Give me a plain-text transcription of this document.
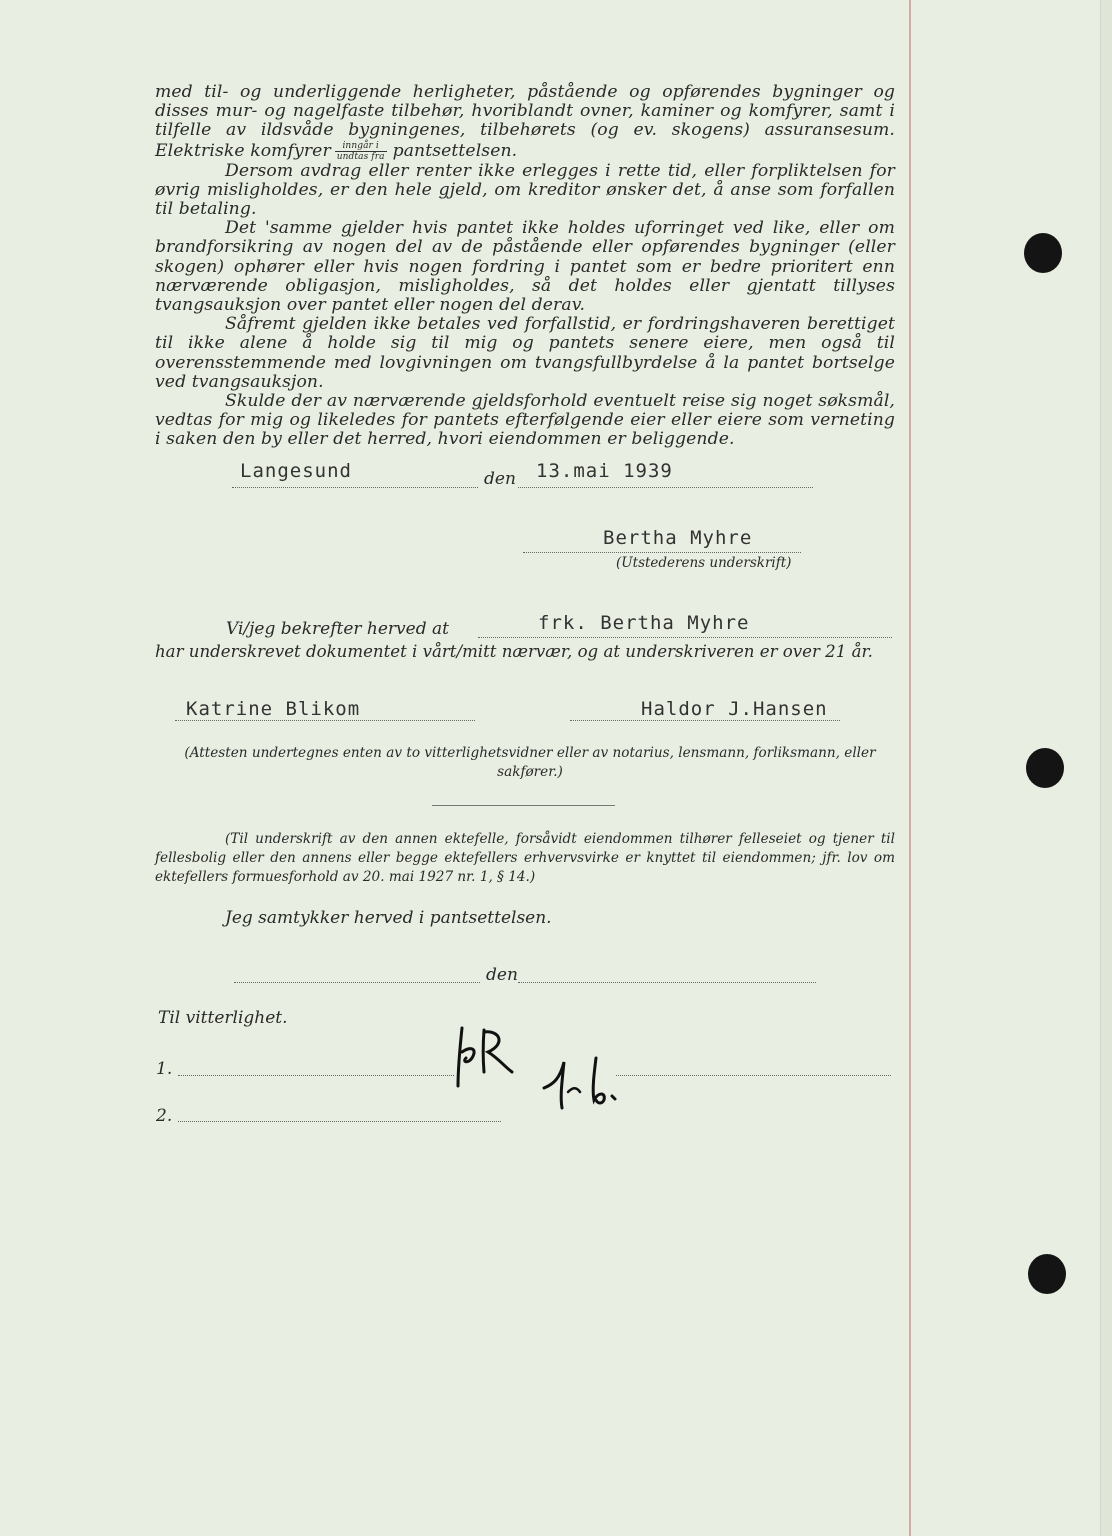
med til- og underliggende herligheter, påstående og opførendes bygninger og disses mur- og nagelfaste tilbehør, hvoriblandt ovner, kaminer og komfyrer, samt i tilfelle av ildsvåde bygningenes, tilbehørets (og ev. skogens) assuransesum. Elektriske komfyrer $\frac{\text{inngår i}}{\text{undtas fra}}$ pantsettelsen.

Dersom avdrag eller renter ikke erlegges i rette tid, eller forpliktelsen for øvrig misligholdes, er den hele gjeld, om kreditor ønsker det, å anse som forfallen til betaling.

Det 'samme gjelder hvis pantet ikke holdes uforringet ved like, eller om brandforsikring av nogen del av de påstående eller opførendes bygninger (eller skogen) ophører eller hvis nogen fordring i pantet som er bedre prioritert enn nærværende obligasjon, misligholdes, så det holdes eller gjentatt tillyses tvangsauksjon over pantet eller nogen del derav.

Såfremt gjelden ikke betales ved forfallstid, er fordringshaveren berettiget til ikke alene å holde sig til mig og pantets senere eiere, men også til overensstemmende med lovgivningen om tvangsfullbyrdelse å la pantet bortselge ved tvangsauksjon.

Skulde der av nærværende gjeldsforhold eventuelt reise sig noget søksmål, vedtas for mig og likeledes for pantets efterfølgende eier eller eiere som verneting i saken den by eller det herred, hvori eiendommen er beliggende.

Langesund	den 13.mai 1939
Bertha Myhre
(Utstederens underskrift)
Vi/jeg bekrefter herved at	frk. Bertha Myhre
har underskrevet dokumentet i vårt/mitt nærvær, og at underskriveren er over 21 år.
Katrine Blikom	Haldor J.Hansen
(Attesten undertegnes enten av to vitterlighetsvidner eller av notarius, lensmann, forliksmann, eller sakfører.)
(Til underskrift av den annen ektefelle, forsåvidt eiendommen tilhører felleseiet og tjener til fellesbolig eller den annens eller begge ektefellers erhvervsvirke er knyttet til eiendommen; jfr. lov om ektefellers formuesforhold av 20. mai 1927 nr. 1, § 14.)
Jeg samtykker herved i pantsettelsen.
den
Til vitterlighet.
1.
2.
